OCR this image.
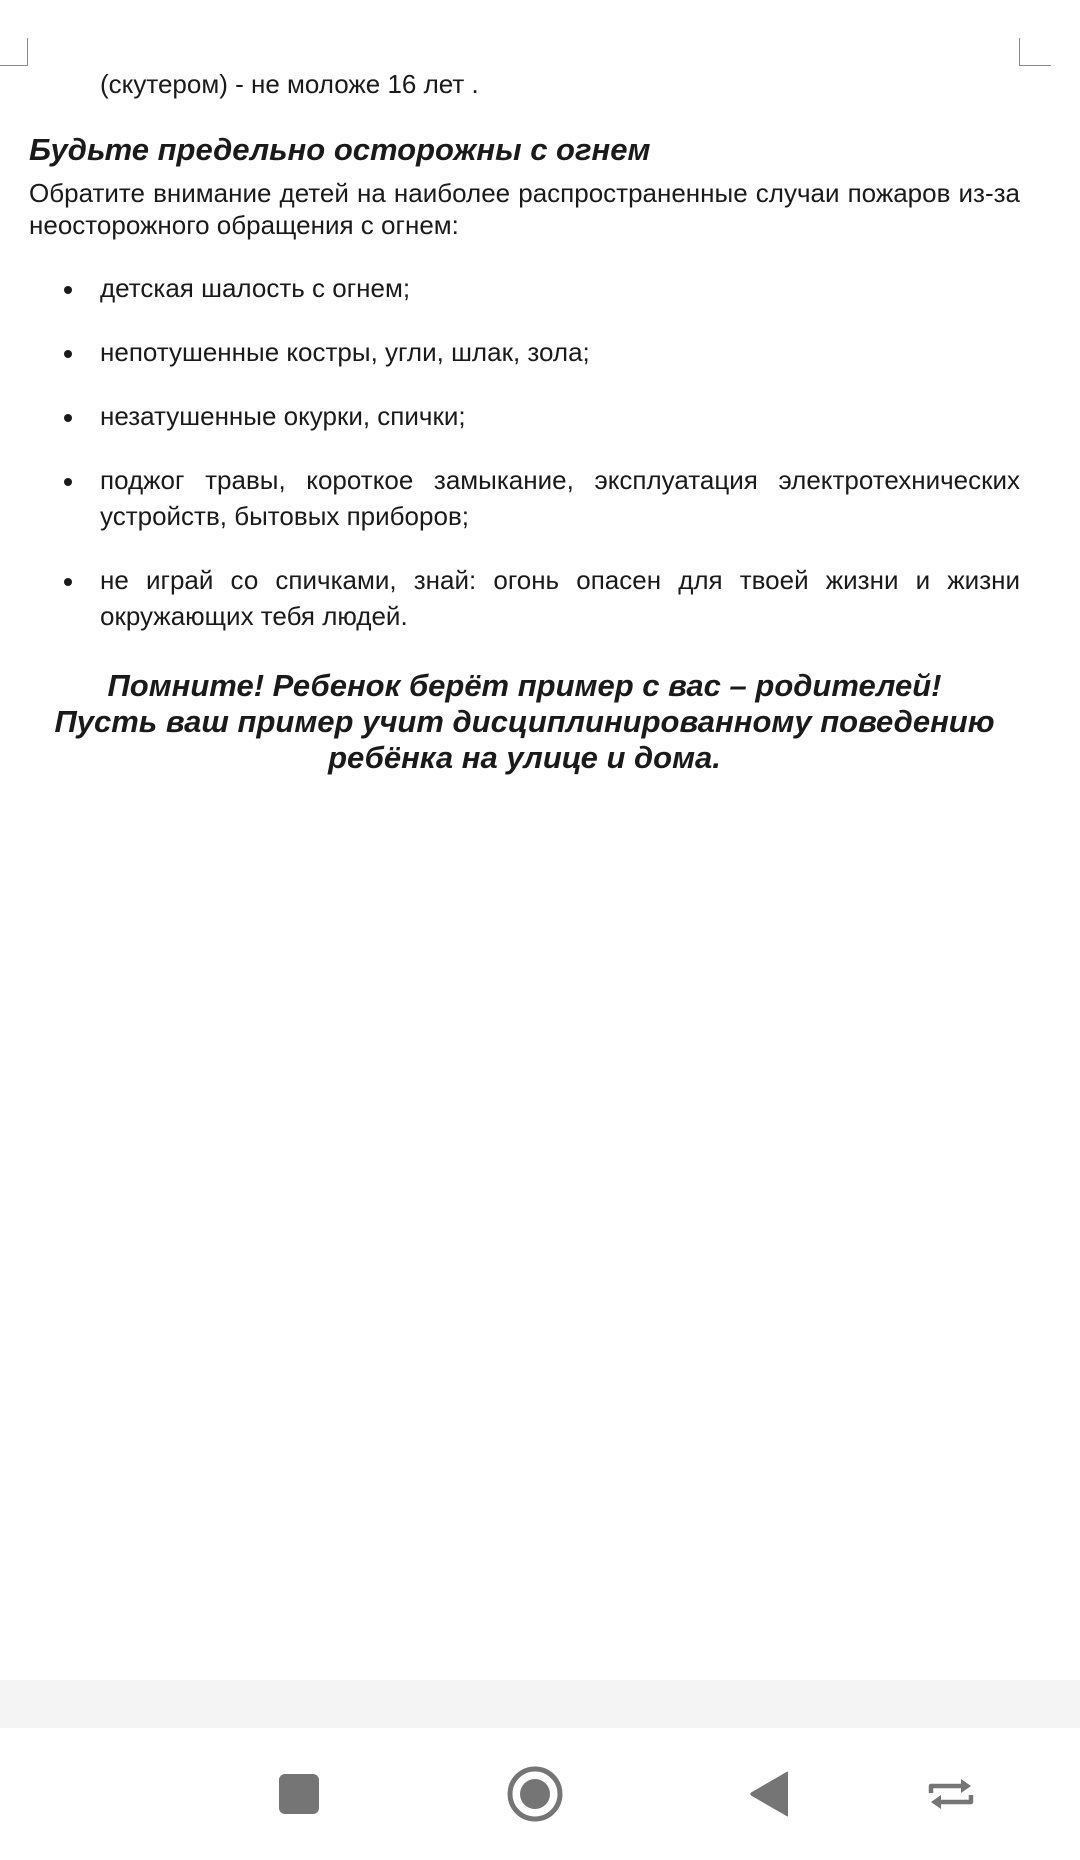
(скутером) - не моложе 16 лет .

Будьте предельно осторожны с огнем

Обратите внимание детей на наиболее распространенные случаи пожаров из-за неосторожного обращения с огнем:

детская шалость с огнем;
непотушенные костры, угли, шлак, зола;
незатушенные окурки, спички;
поджог травы, короткое замыкание, эксплуатация электротехнических устройств, бытовых приборов;
не играй со спичками, знай: огонь опасен для твоей жизни и жизни окружающих тебя людей.
Помните! Ребенок берёт пример с вас – родителей!
Пусть ваш пример учит дисциплинированному поведению
ребёнка на улице и дома.
